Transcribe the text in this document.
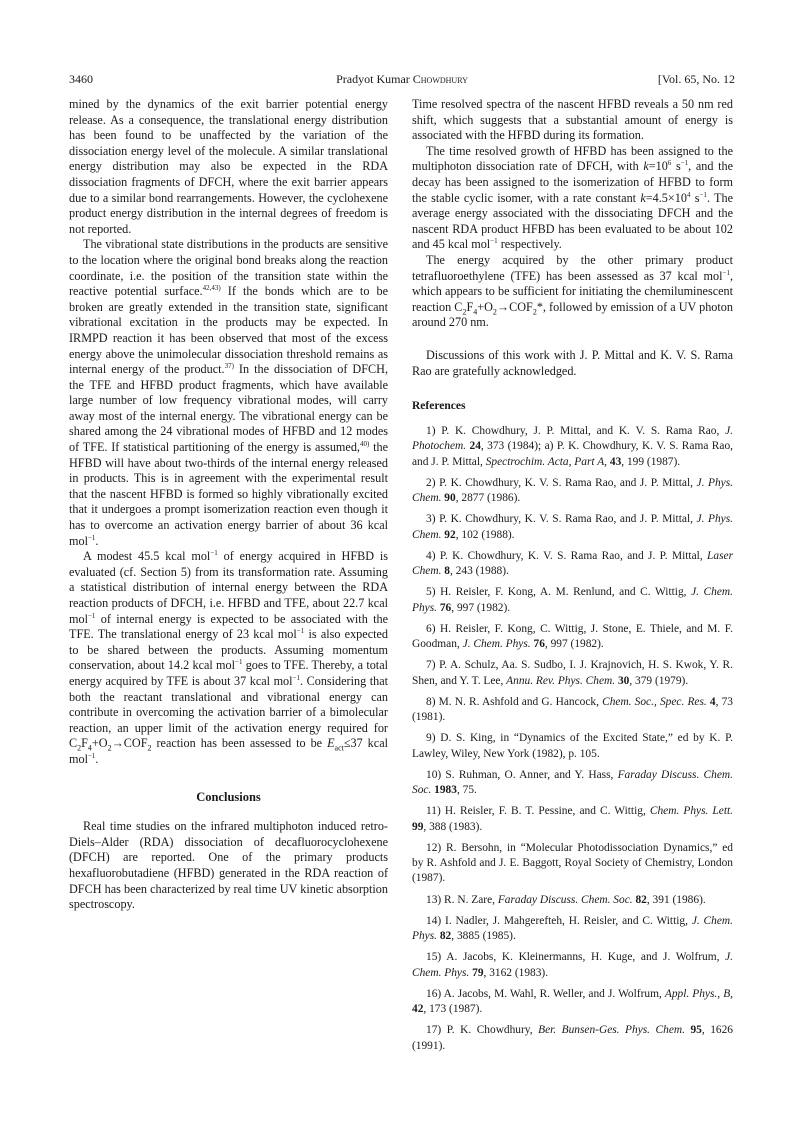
3460	Pradyot Kumar Chowdhury	[Vol. 65, No. 12

mined by the dynamics of the exit barrier potential energy release. As a consequence, the translational energy distribution has been found to be unaffected by the variation of the dissociation energy level of the molecule. A similar translational energy distribution may also be expected in the RDA dissociation fragments of DFCH, where the exit barrier appears due to a similar bond rearrangements. However, the cyclohexene product energy distribution in the internal degrees of freedom is not reported.

The vibrational state distributions in the products are sensitive to the location where the original bond breaks along the reaction coordinate, i.e. the position of the transition state within the reactive potential surface.$^{42,43)}$ If the bonds which are to be broken are greatly extended in the transition state, significant vibrational excitation in the products may be expected. In IRMPD reaction it has been observed that most of the excess energy above the unimolecular dissociation threshold remains as internal energy of the product.$^{37)}$ In the dissociation of DFCH, the TFE and HFBD product fragments, which have available large number of low frequency vibrational modes, will carry away most of the internal energy. The vibrational energy can be shared among the 24 vibrational modes of HFBD and 12 modes of TFE. If statistical partitioning of the energy is assumed,$^{40)}$ the HFBD will have about two-thirds of the internal energy released in products. This is in agreement with the experimental result that the nascent HFBD is formed so highly vibrationally excited that it undergoes a prompt isomerization reaction even though it has to overcome an activation energy barrier of about 36 kcal mol$^{-1}$.

A modest 45.5 kcal mol$^{-1}$ of energy acquired in HFBD is evaluated (cf. Section 5) from its transformation rate. Assuming a statistical distribution of internal energy between the RDA reaction products of DFCH, i.e. HFBD and TFE, about 22.7 kcal mol$^{-1}$ of internal energy is expected to be associated with the TFE. The translational energy of 23 kcal mol$^{-1}$ is also expected to be shared between the products. Assuming momentum conservation, about 14.2 kcal mol$^{-1}$ goes to TFE. Thereby, a total energy acquired by TFE is about 37 kcal mol$^{-1}$. Considering that both the reactant translational and vibrational energy can contribute in overcoming the activation barrier of a bimolecular reaction, an upper limit of the activation energy required for $C_2F_4+O_2\to COF_2$ reaction has been assessed to be $E_{act}\le 37$ kcal mol$^{-1}$.

Conclusions

Real time studies on the infrared multiphoton induced retro-Diels–Alder (RDA) dissociation of decafluorocyclohexene (DFCH) are reported. One of the primary products hexafluorobutadiene (HFBD) generated in the RDA reaction of DFCH has been characterized by real time UV kinetic absorption spectroscopy.

Time resolved spectra of the nascent HFBD reveals a 50 nm red shift, which suggests that a substantial amount of energy is associated with the HFBD during its formation.

The time resolved growth of HFBD has been assigned to the multiphoton dissociation rate of DFCH, with $k=10^6$ $s^{-1}$, and the decay has been assigned to the isomerization of HFBD to form the stable cyclic isomer, with a rate constant $k=4.5\times 10^4$ $s^{-1}$. The average energy associated with the dissociating DFCH and the nascent RDA product HFBD has been evaluated to be about 102 and 45 kcal mol$^{-1}$ respectively.

The energy acquired by the other primary product tetrafluoroethylene (TFE) has been assessed as 37 kcal mol$^{-1}$, which appears to be sufficient for initiating the chemiluminescent reaction $C_2F_4+O_2\to COF_2*$, followed by emission of a UV photon around 270 nm.

Discussions of this work with J. P. Mittal and K. V. S. Rama Rao are gratefully acknowledged.

References

1) P. K. Chowdhury, J. P. Mittal, and K. V. S. Rama Rao, J. Photochem. 24, 373 (1984); a) P. K. Chowdhury, K. V. S. Rama Rao, and J. P. Mittal, Spectrochim. Acta, Part A, 43, 199 (1987).

2) P. K. Chowdhury, K. V. S. Rama Rao, and J. P. Mittal, J. Phys. Chem. 90, 2877 (1986).

3) P. K. Chowdhury, K. V. S. Rama Rao, and J. P. Mittal, J. Phys. Chem. 92, 102 (1988).

4) P. K. Chowdhury, K. V. S. Rama Rao, and J. P. Mittal, Laser Chem. 8, 243 (1988).

5) H. Reisler, F. Kong, A. M. Renlund, and C. Wittig, J. Chem. Phys. 76, 997 (1982).

6) H. Reisler, F. Kong, C. Wittig, J. Stone, E. Thiele, and M. F. Goodman, J. Chem. Phys. 76, 997 (1982).

7) P. A. Schulz, Aa. S. Sudbo, I. J. Krajnovich, H. S. Kwok, Y. R. Shen, and Y. T. Lee, Annu. Rev. Phys. Chem. 30, 379 (1979).

8) M. N. R. Ashfold and G. Hancock, Chem. Soc., Spec. Res. 4, 73 (1981).

9) D. S. King, in “Dynamics of the Excited State,” ed by K. P. Lawley, Wiley, New York (1982), p. 105.

10) S. Ruhman, O. Anner, and Y. Hass, Faraday Discuss. Chem. Soc. 1983, 75.

11) H. Reisler, F. B. T. Pessine, and C. Wittig, Chem. Phys. Lett. 99, 388 (1983).

12) R. Bersohn, in “Molecular Photodissociation Dynamics,” ed by R. Ashfold and J. E. Baggott, Royal Society of Chemistry, London (1987).

13) R. N. Zare, Faraday Discuss. Chem. Soc. 82, 391 (1986).

14) I. Nadler, J. Mahgerefteh, H. Reisler, and C. Wittig, J. Chem. Phys. 82, 3885 (1985).

15) A. Jacobs, K. Kleinermanns, H. Kuge, and J. Wolfrum, J. Chem. Phys. 79, 3162 (1983).

16) A. Jacobs, M. Wahl, R. Weller, and J. Wolfrum, Appl. Phys., B, 42, 173 (1987).

17) P. K. Chowdhury, Ber. Bunsen-Ges. Phys. Chem. 95, 1626 (1991).
